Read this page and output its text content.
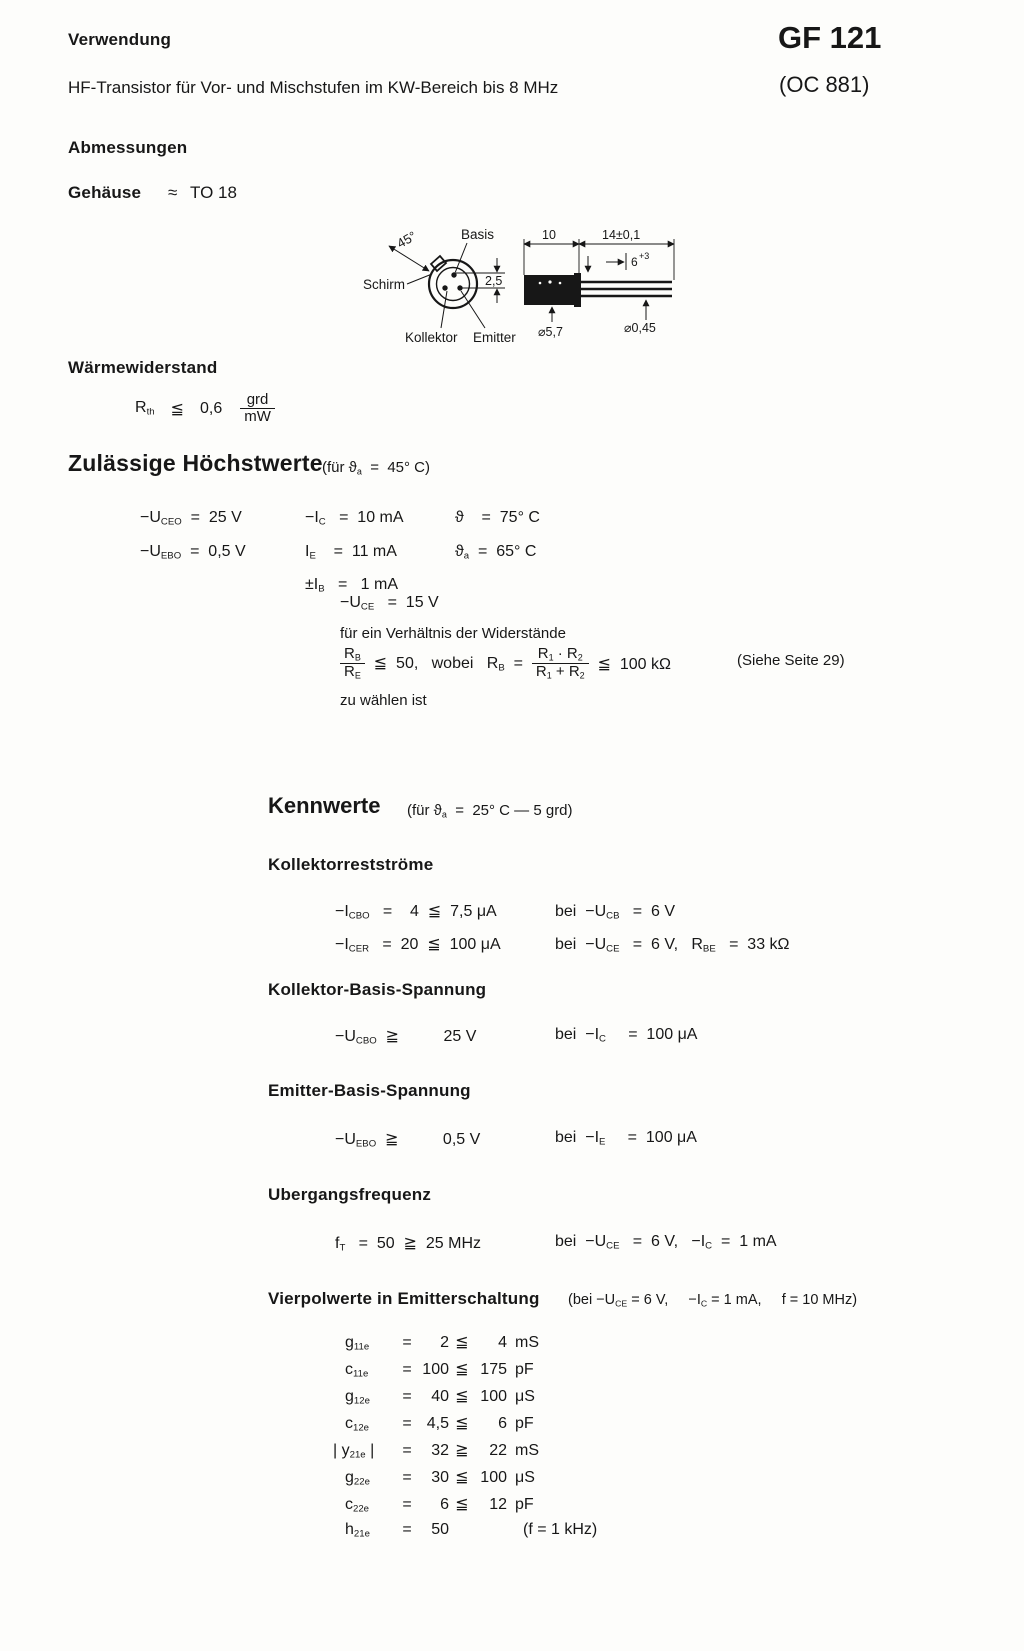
Verwendung	GF 121
HF-Transistor für Vor- und Mischstufen im KW-Bereich bis 8 MHz	(OC 881)
Abmessungen
Gehäuse ≈ TO 18
45°	Basis
Schirm
Kollektor Emitter
2,5
10	14±0,1
6 +3
⌀5,7	⌀0,45
Wärmewiderstand
$R_{th}$	≦	$0,6 \frac{\text{grd}}{mW}$
Zulässige Höchstwerte (für $ϑ_a = 45^\circ$ C)
$-U_{CEO} = 25$ V	$-I_C = 10$ mA	ϑ    =  75° C
$-U_{EBO} = 0,5$ V	$I_E$    =  11 mA	$ϑ_a = 65^\circ$ C
$\pm I_B = 1$ mA
$-U_{CE} = 15$ V
für ein Verhältnis der Widerstände
$\frac{R_B}{R_E}$ ≦  50,   wobei   $R_B = \frac{R_1 \cdot R_2}{R_1 + R_2}$ ≦  100 kΩ	(Siehe Seite 29)
zu wählen ist
Kennwerte (für $ϑ_a = 25^\circ$ C — 5 grd)
Kollektorrestströme
$-I_{CBO}$   =    4  ≦  7,5 μA	bei  $-U_{CB} = 6$ V
$-I_{CER} = 20$  ≦  100 μA	bei  $-U_{CE} = 6$ V,   $R_{BE} = 33$ kΩ
Kollektor-Basis-Spannung
$-U_{CBO}$  ≧          25 V	bei  $-I_C$     =  100 μA
Emitter-Basis-Spannung
$-U_{EBO}$  ≧          0,5 V	bei  $-I_E$     =  100 μA
Ubergangsfrequenz
$f_T = 50$  ≧  25 MHz	bei  $-U_{CE} = 6$ V,   $-I_C = 1$ mA
Vierpolwerte in Emitterschaltung ($bei -U_{CE} = 6$ V,     $-I_C = 1$ mA,     f = 10 MHz)
$g_{11e}$	=	2 ≦	4 mS
$c_{11e}$	= 100 ≦ 175 pF
$g_{12e}$	=	40 ≦ 100 μS
$c_{12e}$	= 4,5 ≦	6 pF
| $y_{21e}$ |	=	32 ≧	22 mS
$g_{22e}$	=	30 ≦ 100 μS
$c_{22e}$	=	6 ≦	12 pF
$h_{21e}$	=	50	(f = 1 kHz)
